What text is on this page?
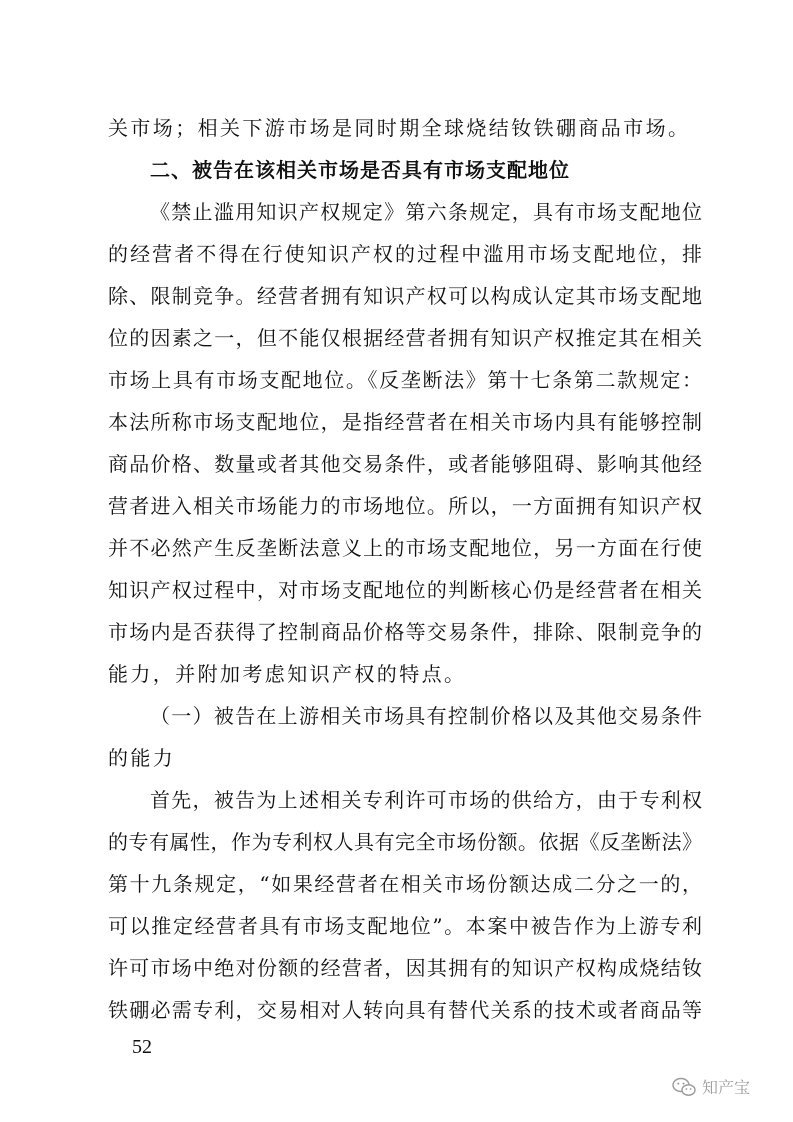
关市场；相关下游市场是同时期全球烧结钕铁硼商品市场。
二、被告在该相关市场是否具有市场支配地位
《禁止滥用知识产权规定》第六条规定，具有市场支配地位
的经营者不得在行使知识产权的过程中滥用市场支配地位，排
除、限制竞争。经营者拥有知识产权可以构成认定其市场支配地
位的因素之一，但不能仅根据经营者拥有知识产权推定其在相关
市场上具有市场支配地位。《反垄断法》第十七条第二款规定：
本法所称市场支配地位，是指经营者在相关市场内具有能够控制
商品价格、数量或者其他交易条件，或者能够阻碍、影响其他经
营者进入相关市场能力的市场地位。所以，一方面拥有知识产权
并不必然产生反垄断法意义上的市场支配地位，另一方面在行使
知识产权过程中，对市场支配地位的判断核心仍是经营者在相关
市场内是否获得了控制商品价格等交易条件，排除、限制竞争的
能力，并附加考虑知识产权的特点。
（一）被告在上游相关市场具有控制价格以及其他交易条件
的能力
首先，被告为上述相关专利许可市场的供给方，由于专利权
的专有属性，作为专利权人具有完全市场份额。依据《反垄断法》
第十九条规定，“如果经营者在相关市场份额达成二分之一的，
可以推定经营者具有市场支配地位”。本案中被告作为上游专利
许可市场中绝对份额的经营者，因其拥有的知识产权构成烧结钕
铁硼必需专利，交易相对人转向具有替代关系的技术或者商品等
52
知产宝
